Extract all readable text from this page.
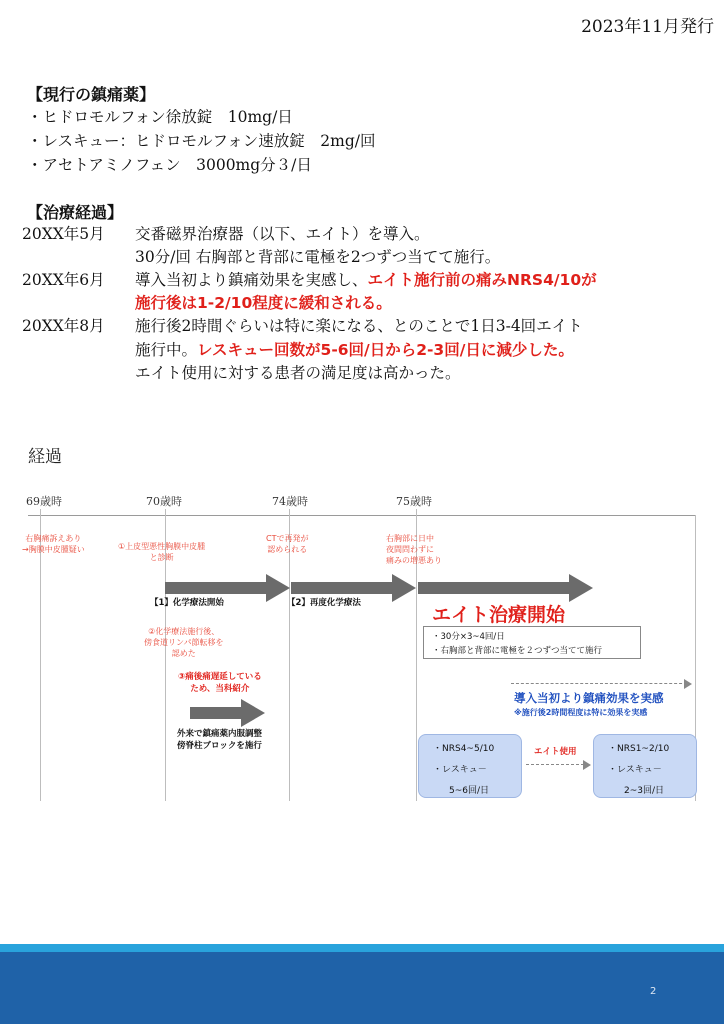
2023年11月発行
【現行の鎮痛薬】
・ヒドロモルフォン徐放錠　10mg/日
・レスキュー：ヒドロモルフォン速放錠　2mg/回
・アセトアミノフェン　3000mg分３/日
【治療経過】
20XX年5月 交番磁界治療器（以下、エイト）を導入。
30分/回 右胸部と背部に電極を2つずつ当てて施行。
20XX年6月 導入当初より鎮痛効果を実感し、エイト施行前の痛みNRS4/10が
施行後は1-2/10程度に緩和される。
20XX年8月 施行後2時間ぐらいは特に楽になる、とのことで1日3-4回エイト
施行中。レスキュー回数が5-6回/日から2-3回/日に減少した。
エイト使用に対する患者の満足度は高かった。
経過
69歳時	70歳時	74歳時	75歳時
右胸痛訴えあり
→胸膜中皮腫疑い	①上皮型悪性胸膜中皮腫
と診断
CTで再発が
認められる
右胸部に日中
夜間問わずに
痛みの増悪あり
【1】化学療法開始	【2】再度化学療法
エイト治療開始
・30分×3~4回/日
・右胸部と背部に電極を２つずつ当てて施行
②化学療法施行後、
傍食道リンパ節転移を
認めた
③痛後痛遅延している
ため、当科紹介
外来で鎮痛薬内服調整
傍脊柱ブロックを施行
導入当初より鎮痛効果を実感
※施行後2時間程度は特に効果を実感
・NRS4~5/10
・レスキュ－
5~6回/日
エイト使用	・NRS1~2/10
・レスキュ－
2~3回/日
2
